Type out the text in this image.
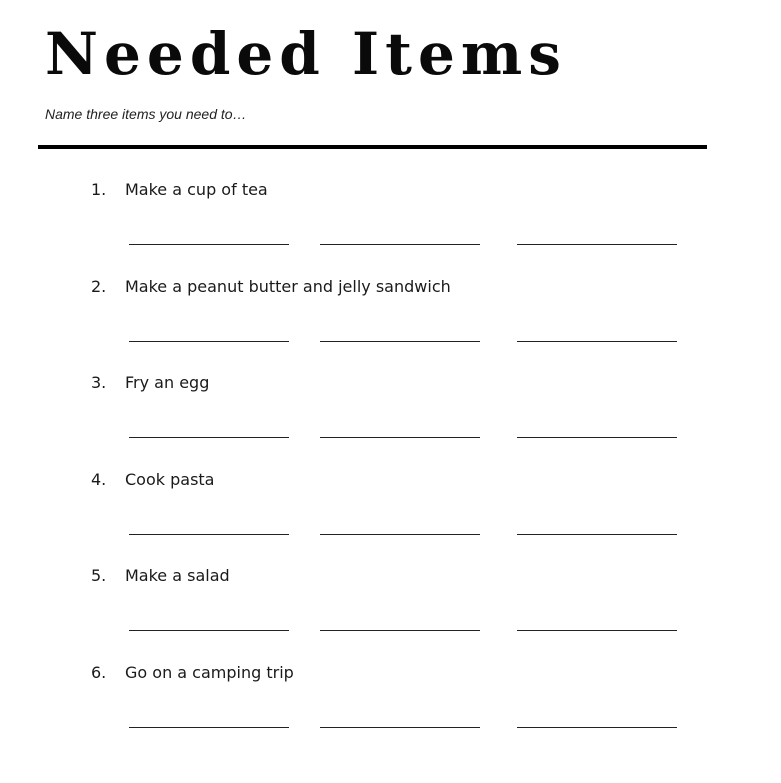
Needed Items
Name three items you need to…
1. Make a cup of tea
2. Make a peanut butter and jelly sandwich
3. Fry an egg
4. Cook pasta
5. Make a salad
6. Go on a camping trip
